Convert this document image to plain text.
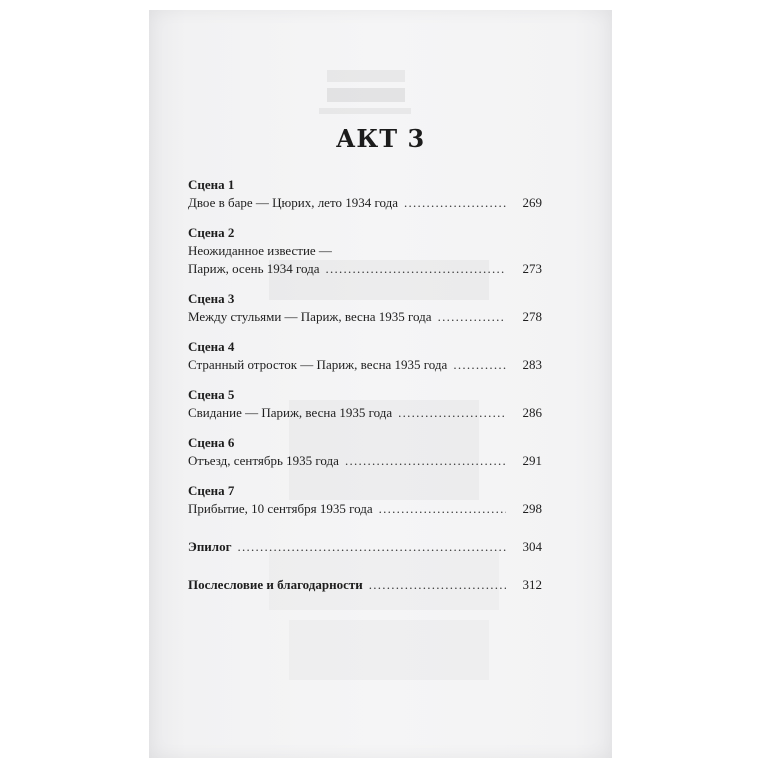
АКТ 3
Сцена 1
Двое в баре — Цюрих, лето 1934 года . . .	269
Сцена 2
Неожиданное известие —
Париж, осень 1934 года . . .	273
Сцена 3
Между стульями — Париж, весна 1935 года . . .	278
Сцена 4
Странный отросток — Париж, весна 1935 года . . .	283
Сцена 5
Свидание — Париж, весна 1935 года . . .	286
Сцена 6
Отъезд, сентябрь 1935 года . . .	291
Сцена 7
Прибытие, 10 сентября 1935 года . . .	298
Эпилог . . .	304
Послесловие и благодарности . . .	312
